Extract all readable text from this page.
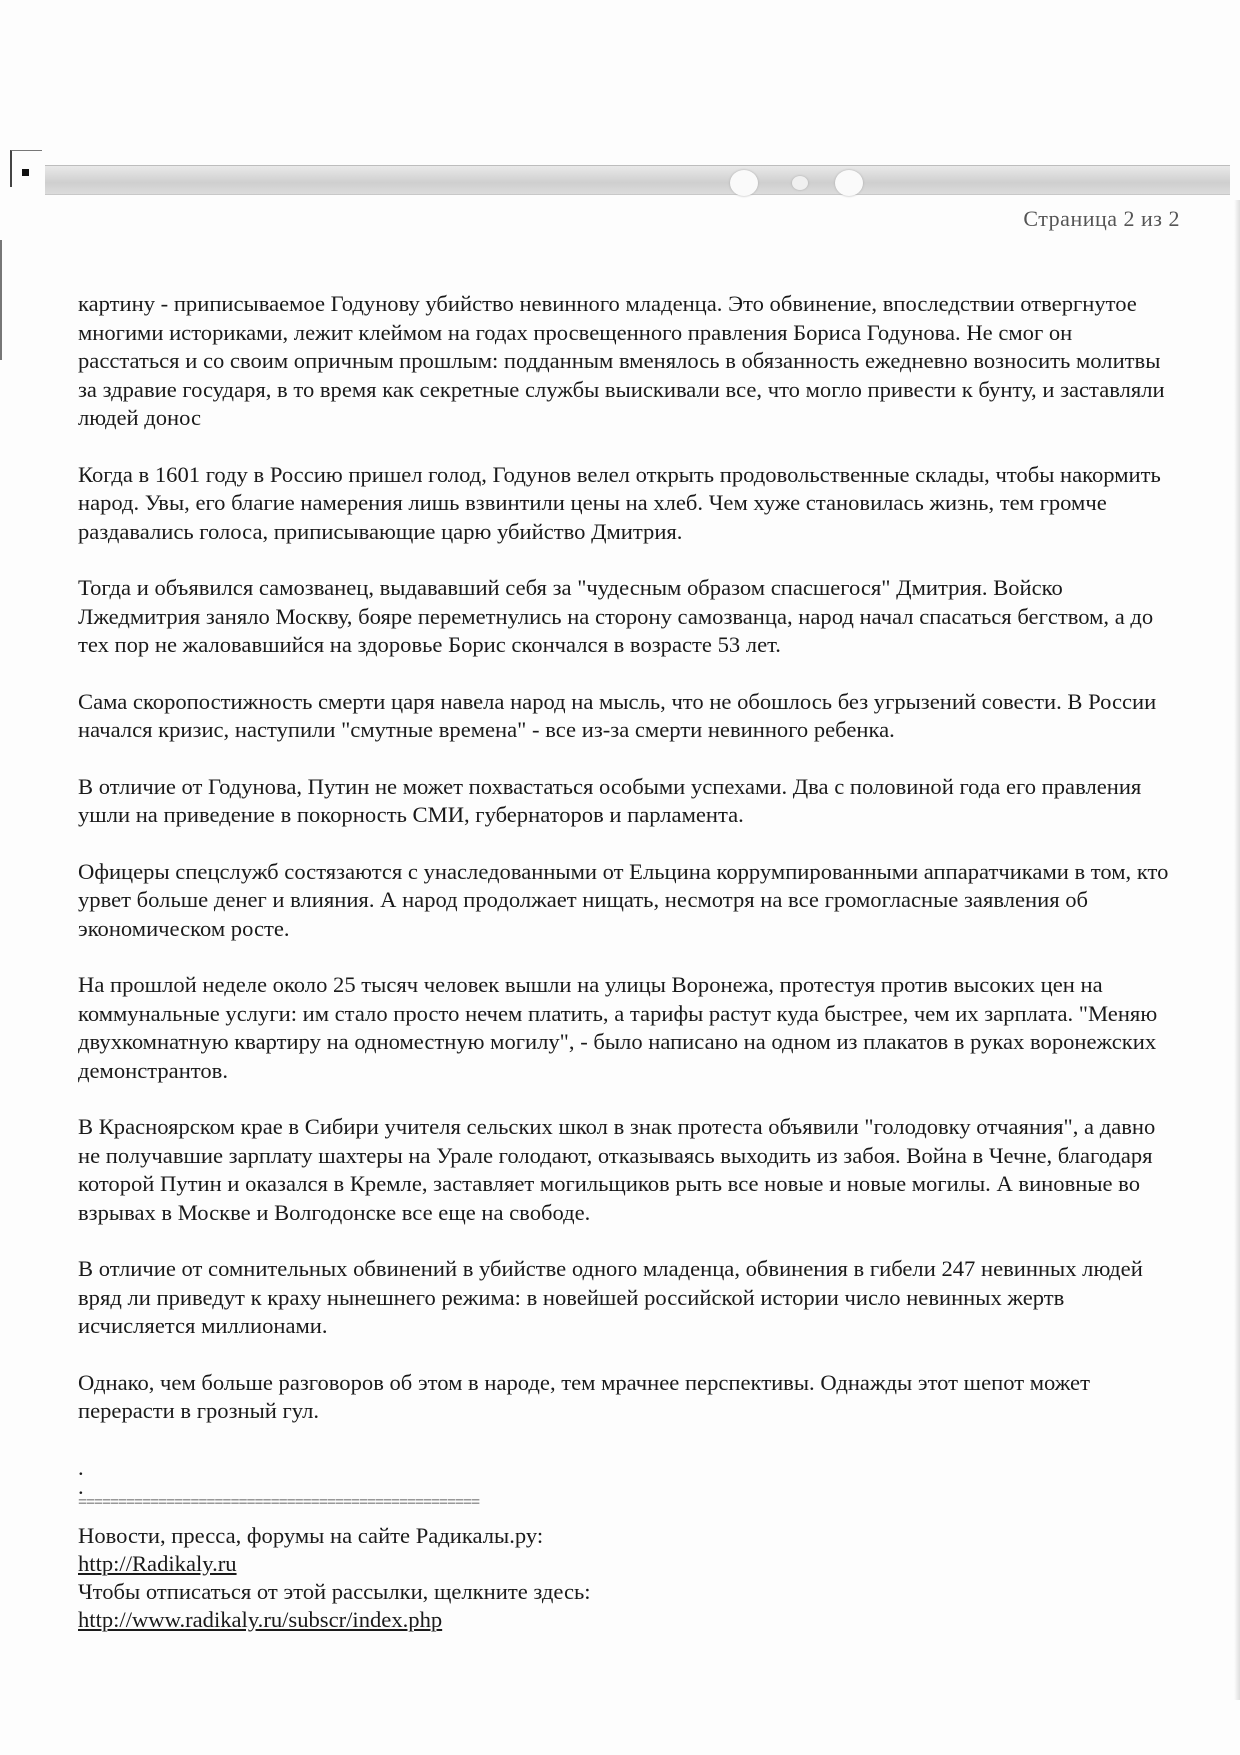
Страница 2 из 2

картину - приписываемое Годунову убийство невинного младенца. Это обвинение, впоследствии отвергнутое многими историками, лежит клеймом на годах просвещенного правления Бориса Годунова. Не смог он расстаться и со своим опричным прошлым: подданным вменялось в обязанность ежедневно возносить молитвы за здравие государя, в то время как секретные службы выискивали все, что могло привести к бунту, и заставляли людей донос

Когда в 1601 году в Россию пришел голод, Годунов велел открыть продовольственные склады, чтобы накормить народ. Увы, его благие намерения лишь взвинтили цены на хлеб. Чем хуже становилась жизнь, тем громче раздавались голоса, приписывающие царю убийство Дмитрия.

Тогда и объявился самозванец, выдававший себя за "чудесным образом спасшегося" Дмитрия. Войско Лжедмитрия заняло Москву, бояре переметнулись на сторону самозванца, народ начал спасаться бегством, а до тех пор не жаловавшийся на здоровье Борис скончался в возрасте 53 лет.

Сама скоропостижность смерти царя навела народ на мысль, что не обошлось без угрызений совести. В России начался кризис, наступили "смутные времена" - все из-за смерти невинного ребенка.

В отличие от Годунова, Путин не может похвастаться особыми успехами. Два с половиной года его правления ушли на приведение в покорность СМИ, губернаторов и парламента.

Офицеры спецслужб состязаются с унаследованными от Ельцина коррумпированными аппаратчиками в том, кто урвет больше денег и влияния. А народ продолжает нищать, несмотря на все громогласные заявления об экономическом росте.

На прошлой неделе около 25 тысяч человек вышли на улицы Воронежа, протестуя против высоких цен на коммунальные услуги: им стало просто нечем платить, а тарифы растут куда быстрее, чем их зарплата. "Меняю двухкомнатную квартиру на одноместную могилу", - было написано на одном из плакатов в руках воронежских демонстрантов.

В Красноярском крае в Сибири учителя сельских школ в знак протеста объявили "голодовку отчаяния", а давно не получавшие зарплату шахтеры на Урале голодают, отказываясь выходить из забоя. Война в Чечне, благодаря которой Путин и оказался в Кремле, заставляет могильщиков рыть все новые и новые могилы. А виновные во взрывах в Москве и Волгодонске все еще на свободе.

В отличие от сомнительных обвинений в убийстве одного младенца, обвинения в гибели 247 невинных людей вряд ли приведут к краху нынешнего режима: в новейшей российской истории число невинных жертв исчисляется миллионами.

Однако, чем больше разговоров об этом в народе, тем мрачнее перспективы. Однажды этот шепот может перерасти в грозный гул.

.
.
==================================================
Новости, пресса, форумы на сайте Радикалы.ру:
http://Radikaly.ru
Чтобы отписаться от этой рассылки, щелкните здесь:
http://www.radikaly.ru/subscr/index.php
